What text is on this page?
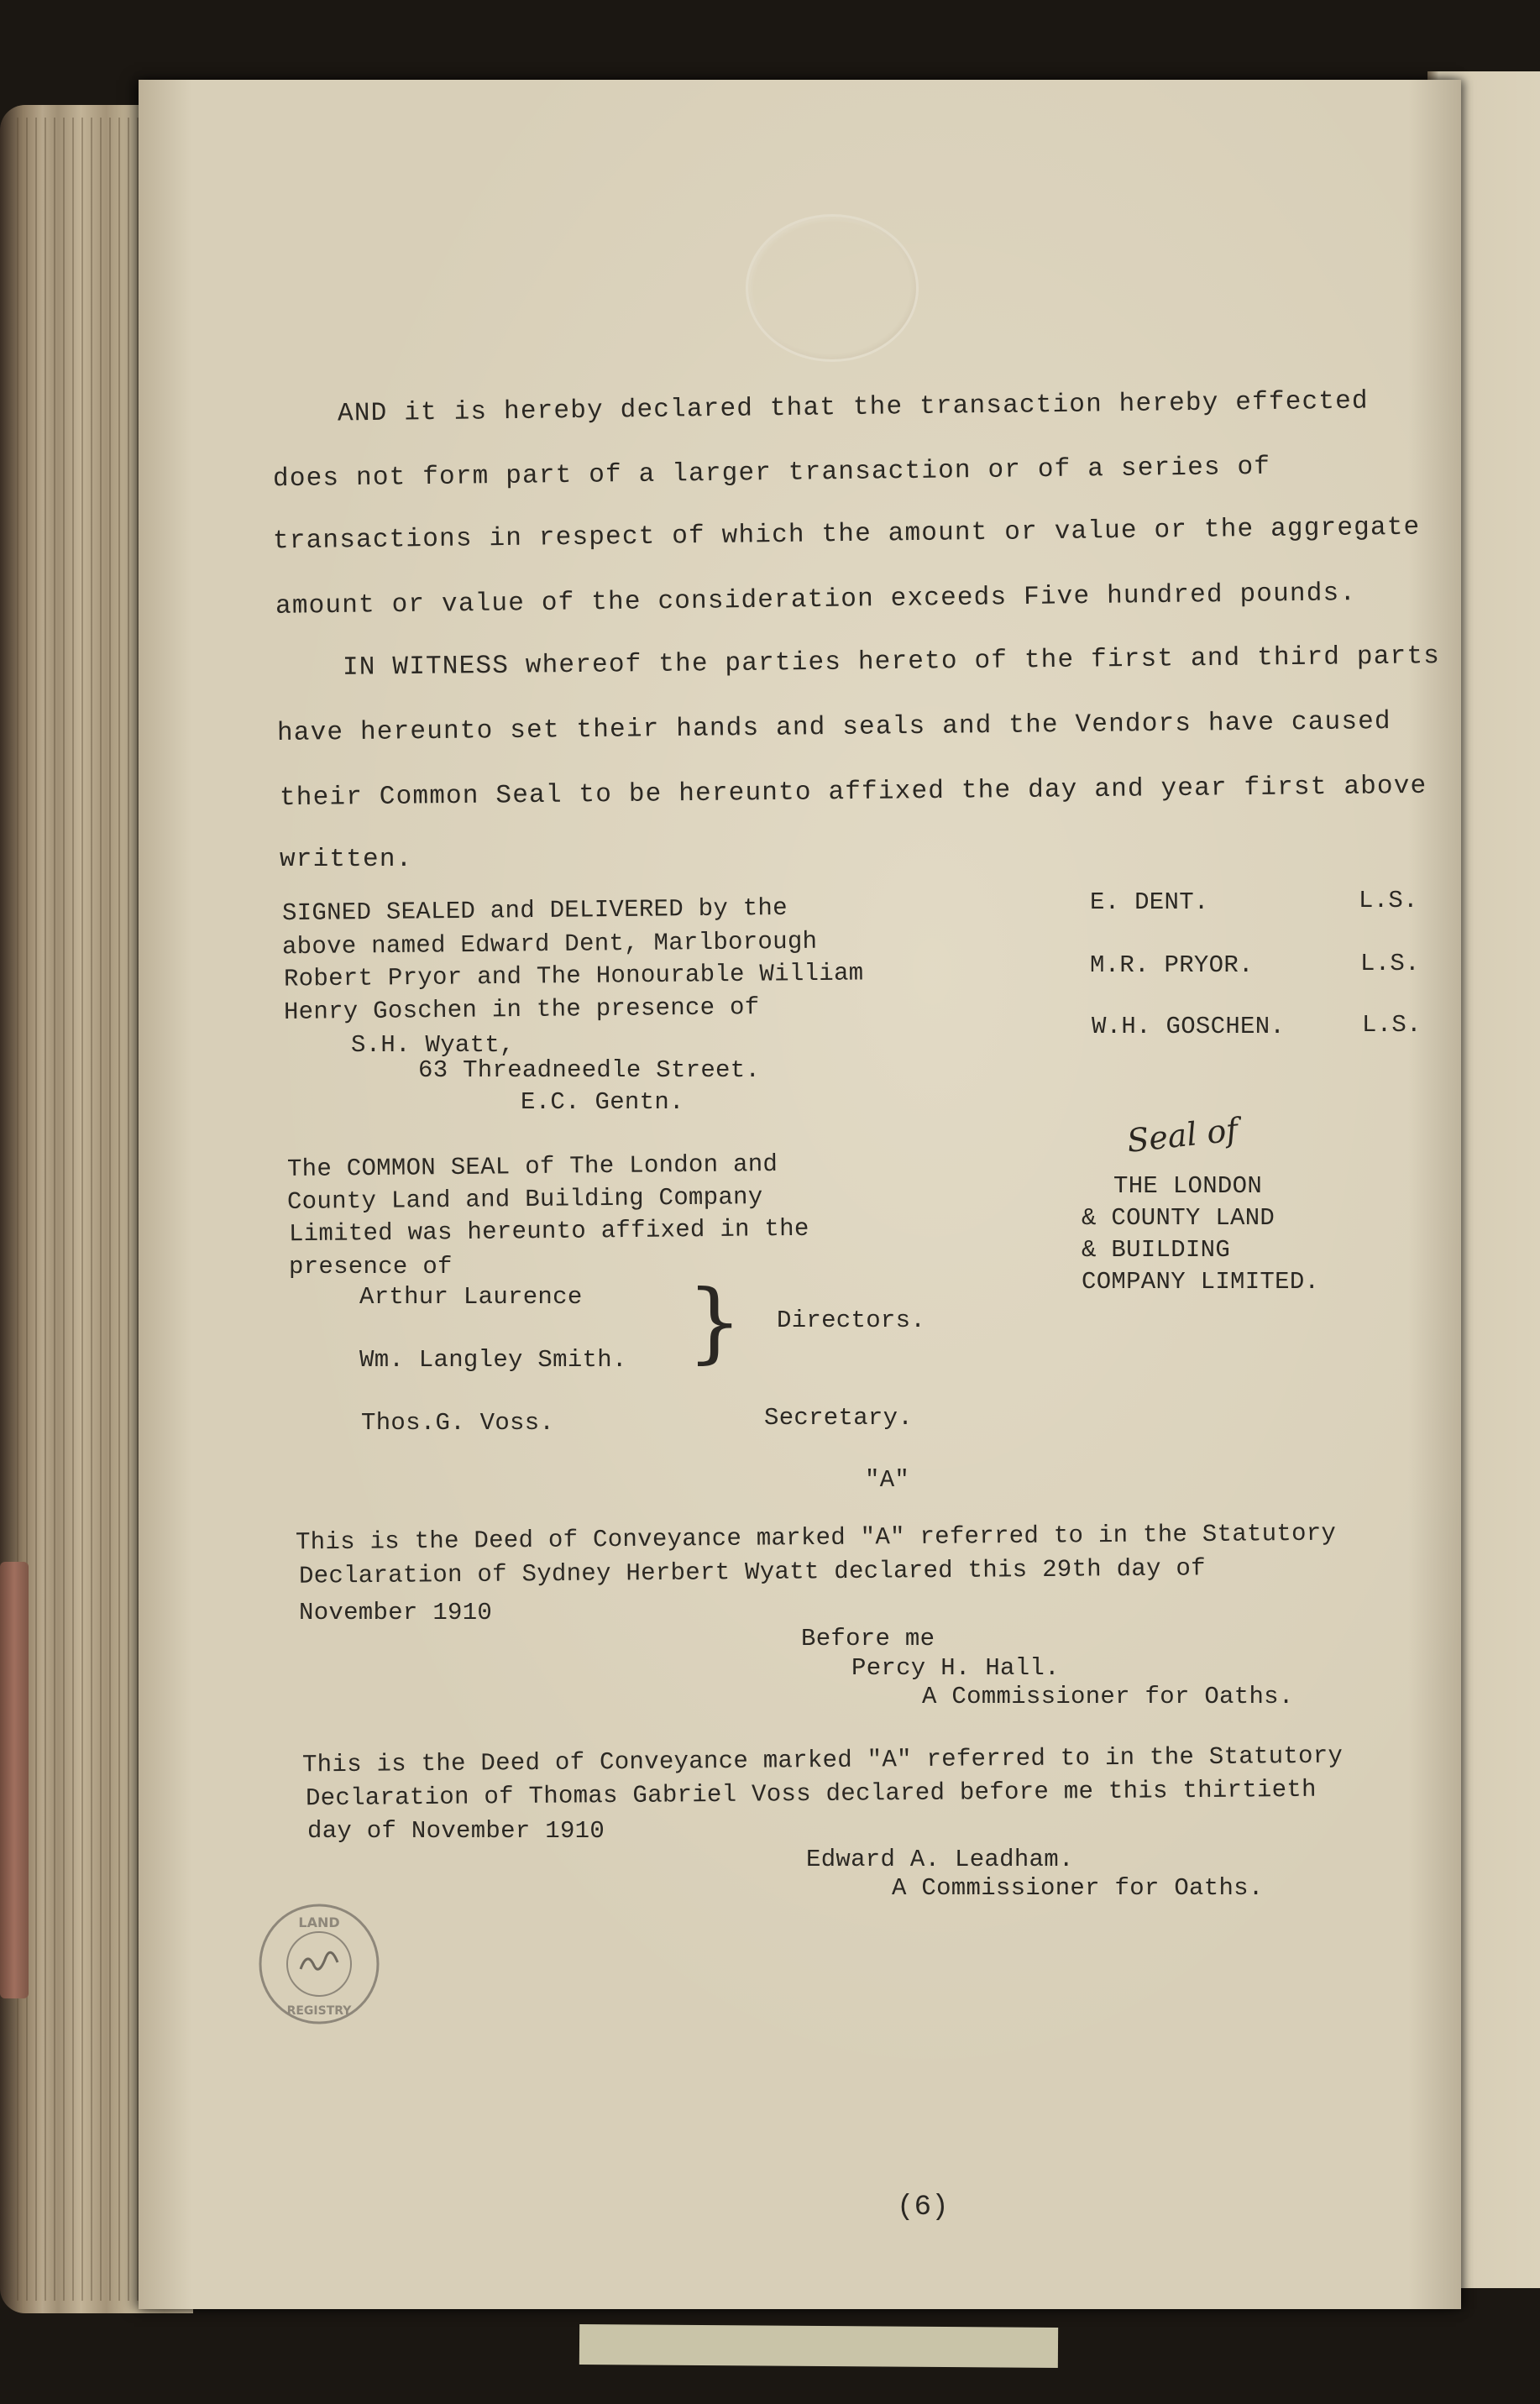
AND it is hereby declared that the transaction hereby effected
does not form part of a larger transaction or of a series of
transactions in respect of which the amount or value or the aggregate
amount or value of the consideration exceeds Five hundred pounds.
IN WITNESS whereof the parties hereto of the first and third parts
have hereunto set their hands and seals and the Vendors have caused
their Common Seal to be hereunto affixed the day and year first above
written.
SIGNED SEALED and DELIVERED by the
above named Edward Dent, Marlborough
Robert Pryor and The Honourable William
Henry Goschen in the presence of
S.H. Wyatt,
63 Threadneedle Street.
E.C. Gentn.
E. DENT.	L.S.
M.R. PRYOR.	L.S.
W.H. GOSCHEN.	L.S.
The COMMON SEAL of The London and
County Land and Building Company
Limited was hereunto affixed in the
presence of
Arthur Laurence
Wm. Langley Smith. } Directors.
Thos.G. Voss.	Secretary.
Seal of
THE LONDON
& COUNTY LAND
& BUILDING
COMPANY LIMITED.
"A"
This is the Deed of Conveyance marked "A" referred to in the Statutory
Declaration of Sydney Herbert Wyatt declared this 29th day of
November 1910
Before me
Percy H. Hall.
A Commissioner for Oaths.
This is the Deed of Conveyance marked "A" referred to in the Statutory
Declaration of Thomas Gabriel Voss declared before me this thirtieth
day of November 1910
Edward A. Leadham.
A Commissioner for Oaths.
LAND
REGISTRY
(6)
